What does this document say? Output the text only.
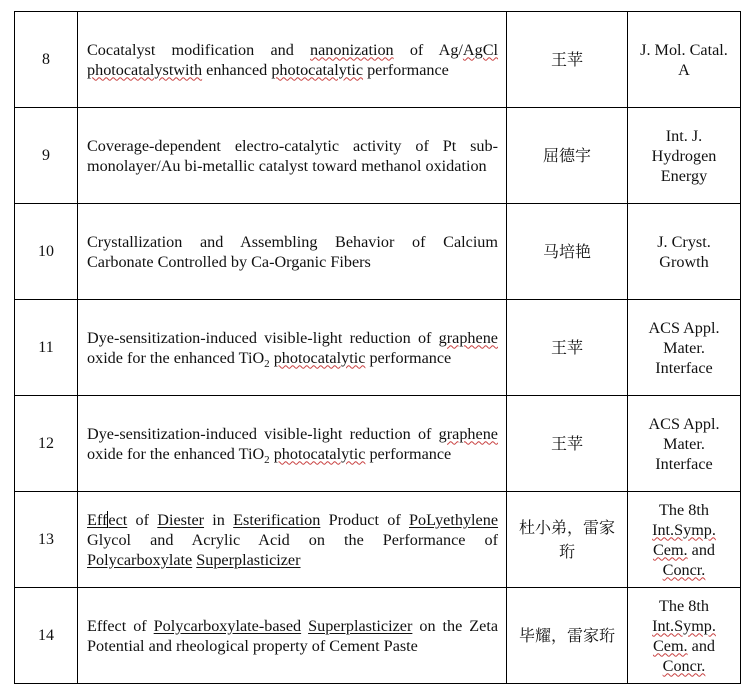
8	Cocatalyst modification and nanonization of Ag/AgCl photocatalystwith enhanced photocatalytic performance	王苹	J. Mol. Catal. A
9	Coverage-dependent electro-catalytic activity of Pt sub-monolayer/Au bi-metallic catalyst toward methanol oxidation	屈德宇	Int. J. Hydrogen Energy
10	Crystallization and Assembling Behavior of Calcium Carbonate Controlled by Ca-Organic Fibers	马培艳	J. Cryst. Growth
11	Dye-sensitization-induced visible-light reduction of graphene oxide for the enhanced TiO$_2$ photocatalytic performance	王苹	ACS Appl. Mater. Interface
12	Dye-sensitization-induced visible-light reduction of graphene oxide for the enhanced TiO$_2$ photocatalytic performance	王苹	ACS Appl. Mater. Interface
13	Effect of Diester in Esterification Product of PoLyethylene Glycol and Acrylic Acid on the Performance of Polycarboxylate Superplasticizer	杜小弟，雷家珩	The 8th Int.Symp. Cem. and Concr.
14	Effect of Polycarboxylate-based Superplasticizer on the Zeta Potential and rheological property of Cement Paste	毕耀，雷家珩	The 8th Int.Symp. Cem. and Concr.
